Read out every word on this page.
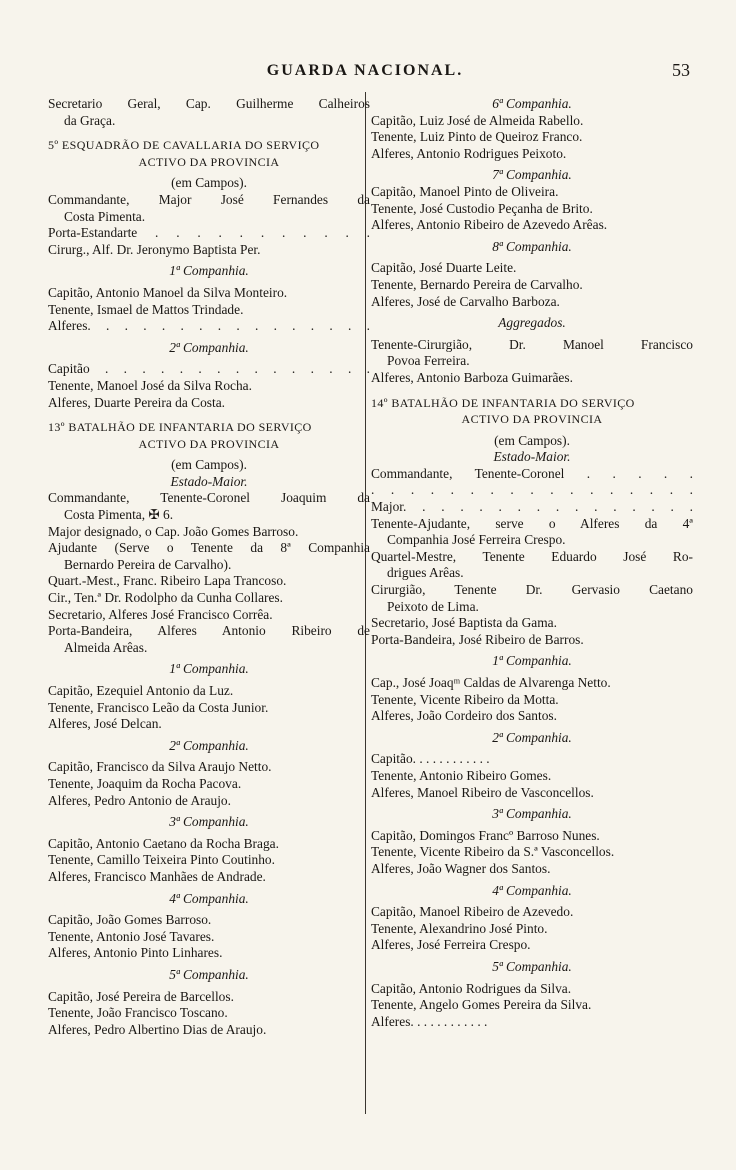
GUARDA NACIONAL.	53
Secretario Geral, Cap. Guilherme Calheiros
da Graça.
5º ESQUADRÃO DE CAVALLARIA DO SERVIÇO
ACTIVO DA PROVINCIA
(em Campos).
Commandante, Major José Fernandes da
Costa Pimenta.
Porta-Estandarte . . . . . . . . . . .
Cirurg., Alf. Dr. Jeronymo Baptista Per.
1ª Companhia.
Capitão, Antonio Manoel da Silva Monteiro.
Tenente, Ismael de Mattos Trindade.
Alferes. . . . . . . . . . . . . . . .
2ª Companhia.
Capitão . . . . . . . . . . . . . . .
Tenente, Manoel José da Silva Rocha.
Alferes, Duarte Pereira da Costa.
13º BATALHÃO DE INFANTARIA DO SERVIÇO
ACTIVO DA PROVINCIA
(em Campos).
Estado-Maior.
Commandante, Tenente-Coronel Joaquim da
Costa Pimenta, ✠ 6.
Major designado, o Cap. João Gomes Barroso.
Ajudante (Serve o Tenente da 8ª Companhia
Bernardo Pereira de Carvalho).
Quart.-Mest., Franc. Ribeiro Lapa Trancoso.
Cir., Ten.ª Dr. Rodolpho da Cunha Collares.
Secretario, Alferes José Francisco Corrêa.
Porta-Bandeira, Alferes Antonio Ribeiro de
Almeida Arêas.
1ª Companhia.
Capitão, Ezequiel Antonio da Luz.
Tenente, Francisco Leão da Costa Junior.
Alferes, José Delcan.
2ª Companhia.
Capitão, Francisco da Silva Araujo Netto.
Tenente, Joaquim da Rocha Pacova.
Alferes, Pedro Antonio de Araujo.
3ª Companhia.
Capitão, Antonio Caetano da Rocha Braga.
Tenente, Camillo Teixeira Pinto Coutinho.
Alferes, Francisco Manhães de Andrade.
4ª Companhia.
Capitão, João Gomes Barroso.
Tenente, Antonio José Tavares.
Alferes, Antonio Pinto Linhares.
5ª Companhia.
Capitão, José Pereira de Barcellos.
Tenente, João Francisco Toscano.
Alferes, Pedro Albertino Dias de Araujo.
6ª Companhia.
Capitão, Luiz José de Almeida Rabello.
Tenente, Luiz Pinto de Queiroz Franco.
Alferes, Antonio Rodrigues Peixoto.
7ª Companhia.
Capitão, Manoel Pinto de Oliveira.
Tenente, José Custodio Peçanha de Brito.
Alferes, Antonio Ribeiro de Azevedo Arêas.
8ª Companhia.
Capitão, José Duarte Leite.
Tenente, Bernardo Pereira de Carvalho.
Alferes, José de Carvalho Barboza.
Aggregados.
Tenente-Cirurgião, Dr. Manoel Francisco
Povoa Ferreira.
Alferes, Antonio Barboza Guimarães.
14º BATALHÃO DE INFANTARIA DO SERVIÇO
ACTIVO DA PROVINCIA
(em Campos).
Estado-Maior.
Commandante, Tenente-Coronel . . . . .
. . . . . . . . . . . . . . . . .
Major. . . . . . . . . . . . . . . .
Tenente-Ajudante, serve o Alferes da 4ª
Companhia José Ferreira Crespo.
Quartel-Mestre, Tenente Eduardo José Ro-
drigues Arêas.
Cirurgião, Tenente Dr. Gervasio Caetano
Peixoto de Lima.
Secretario, José Baptista da Gama.
Porta-Bandeira, José Ribeiro de Barros.
1ª Companhia.
Cap., José Joaqᵐ Caldas de Alvarenga Netto.
Tenente, Vicente Ribeiro da Motta.
Alferes, João Cordeiro dos Santos.
2ª Companhia.
Capitão. . . . . . . . . . . .
Tenente, Antonio Ribeiro Gomes.
Alferes, Manoel Ribeiro de Vasconcellos.
3ª Companhia.
Capitão, Domingos Francº Barroso Nunes.
Tenente, Vicente Ribeiro da S.ª Vasconcellos.
Alferes, João Wagner dos Santos.
4ª Companhia.
Capitão, Manoel Ribeiro de Azevedo.
Tenente, Alexandrino José Pinto.
Alferes, José Ferreira Crespo.
5ª Companhia.
Capitão, Antonio Rodrigues da Silva.
Tenente, Angelo Gomes Pereira da Silva.
Alferes. . . . . . . . . . . .
